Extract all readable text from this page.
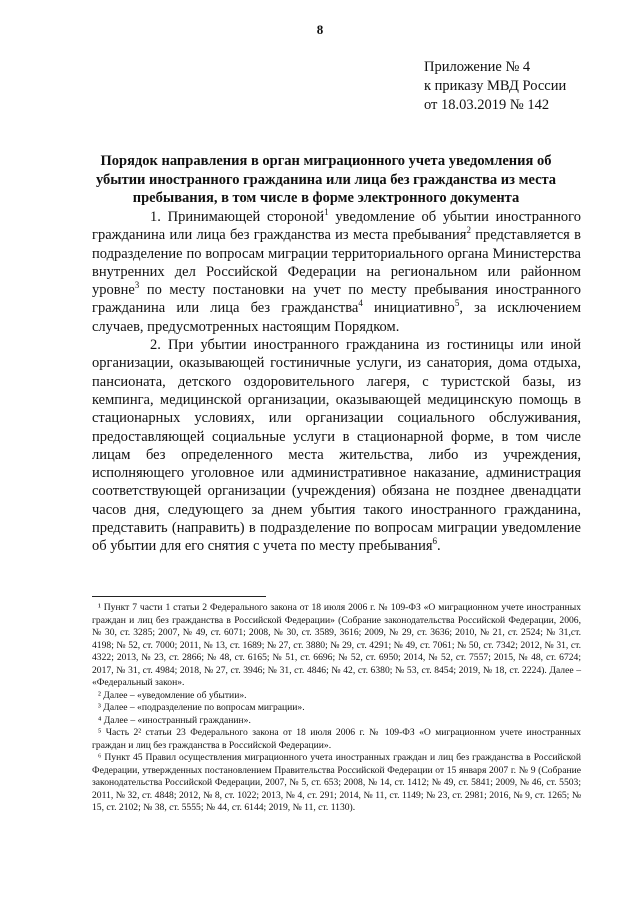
8
Приложение № 4
к приказу МВД России
от 18.03.2019 № 142
Порядок направления в орган миграционного учета уведомления об убытии иностранного гражданина или лица без гражданства из места пребывания, в том числе в форме электронного документа

1. Принимающей стороной$^1$ уведомление об убытии иностранного гражданина или лица без гражданства из места пребывания$^2$ представляется в подразделение по вопросам миграции территориального органа Министерства внутренних дел Российской Федерации на региональном или районном уровне$^3$ по месту постановки на учет по месту пребывания иностранного гражданина или лица без гражданства$^4$ инициативно$^5$, за исключением случаев, предусмотренных настоящим Порядком.

2. При убытии иностранного гражданина из гостиницы или иной организации, оказывающей гостиничные услуги, из санатория, дома отдыха, пансионата, детского оздоровительного лагеря, с туристской базы, из кемпинга, медицинской организации, оказывающей медицинскую помощь в стационарных условиях, или организации социального обслуживания, предоставляющей социальные услуги в стационарной форме, в том числе лицам без определенного места жительства, либо из учреждения, исполняющего уголовное или административное наказание, администрация соответствующей организации (учреждения) обязана не позднее двенадцати часов дня, следующего за днем убытия такого иностранного гражданина, представить (направить) в подразделение по вопросам миграции уведомление об убытии для его снятия с учета по месту пребывания$^6$.

¹ Пункт 7 части 1 статьи 2 Федерального закона от 18 июля 2006 г. № 109-ФЗ «О миграционном учете иностранных граждан и лиц без гражданства в Российской Федерации» (Собрание законодательства Российской Федерации, 2006, № 30, ст. 3285; 2007, № 49, ст. 6071; 2008, № 30, ст. 3589, 3616; 2009, № 29, ст. 3636; 2010, № 21, ст. 2524; № 31,ст. 4198; № 52, ст. 7000; 2011, № 13, ст. 1689; № 27, ст. 3880; № 29, ст. 4291; № 49, ст. 7061; № 50, ст. 7342; 2012, № 31, ст. 4322; 2013, № 23, ст. 2866; № 48, ст. 6165; № 51, ст. 6696; № 52, ст. 6950; 2014, № 52, ст. 7557; 2015, № 48, ст. 6724; 2017, № 31, ст. 4984; 2018, № 27, ст. 3946; № 31, ст. 4846; № 42, ст. 6380; № 53, ст. 8454; 2019, № 18, ст. 2224). Далее – «Федеральный закон».
² Далее – «уведомление об убытии».
³ Далее – «подразделение по вопросам миграции».
⁴ Далее – «иностранный гражданин».
⁵ Часть 2² статьи 23 Федерального закона от 18 июля 2006 г. № 109-ФЗ «О миграционном учете иностранных граждан и лиц без гражданства в Российской Федерации».
⁶ Пункт 45 Правил осуществления миграционного учета иностранных граждан и лиц без гражданства в Российской Федерации, утвержденных постановлением Правительства Российской Федерации от 15 января 2007 г. № 9 (Собрание законодательства Российской Федерации, 2007, № 5, ст. 653; 2008, № 14, ст. 1412; № 49, ст. 5841; 2009, № 46, ст. 5503; 2011, № 32, ст. 4848; 2012, № 8, ст. 1022; 2013, № 4, ст. 291; 2014, № 11, ст. 1149; № 23, ст. 2981; 2016, № 9, ст. 1265; № 15, ст. 2102; № 38, ст. 5555; № 44, ст. 6144; 2019, № 11, ст. 1130).
